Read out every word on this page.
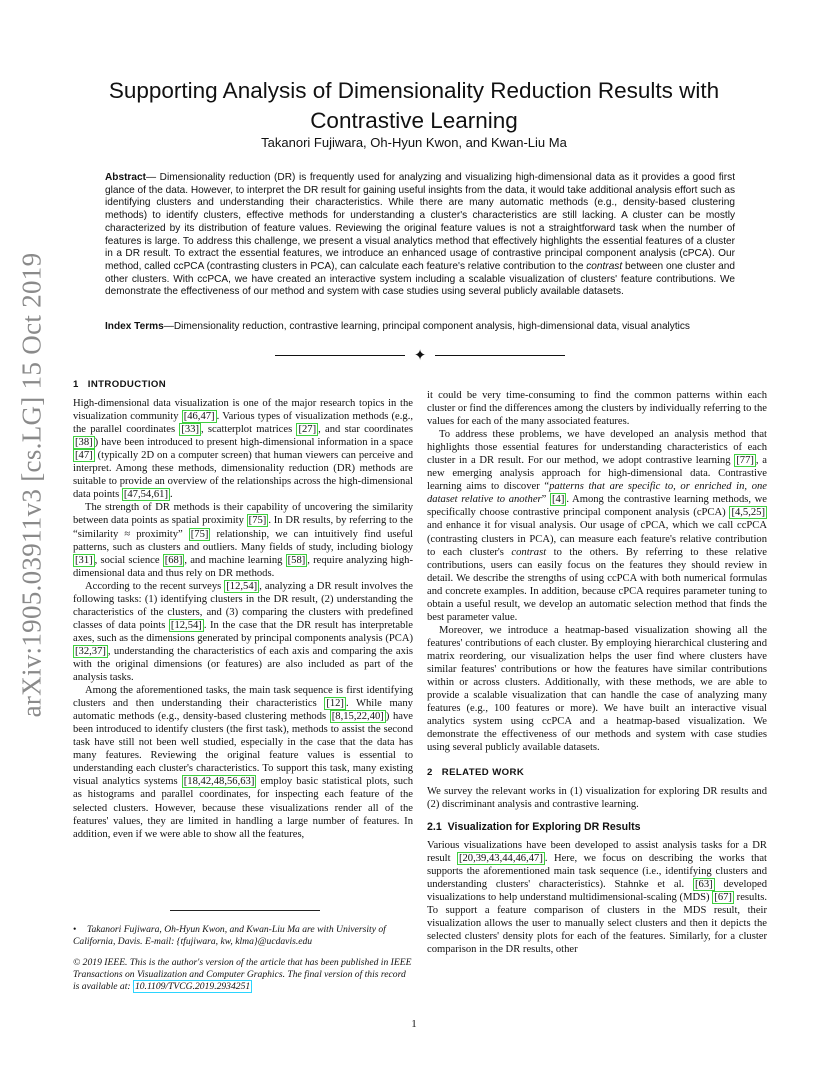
arXiv:1905.03911v3 [cs.LG] 15 Oct 2019
Supporting Analysis of Dimensionality Reduction Results with Contrastive Learning
Takanori Fujiwara, Oh-Hyun Kwon, and Kwan-Liu Ma

Abstract— Dimensionality reduction (DR) is frequently used for analyzing and visualizing high-dimensional data as it provides a good first glance of the data. However, to interpret the DR result for gaining useful insights from the data, it would take additional analysis effort such as identifying clusters and understanding their characteristics. While there are many automatic methods (e.g., density-based clustering methods) to identify clusters, effective methods for understanding a cluster's characteristics are still lacking. A cluster can be mostly characterized by its distribution of feature values. Reviewing the original feature values is not a straightforward task when the number of features is large. To address this challenge, we present a visual analytics method that effectively highlights the essential features of a cluster in a DR result. To extract the essential features, we introduce an enhanced usage of contrastive principal component analysis (cPCA). Our method, called ccPCA (contrasting clusters in PCA), can calculate each feature's relative contribution to the contrast between one cluster and other clusters. With ccPCA, we have created an interactive system including a scalable visualization of clusters' feature contributions. We demonstrate the effectiveness of our method and system with case studies using several publicly available datasets.

Index Terms—Dimensionality reduction, contrastive learning, principal component analysis, high-dimensional data, visual analytics

✦
1 INTRODUCTION

High-dimensional data visualization is one of the major research topics in the visualization community [46,47] . Various types of visualization methods (e.g., the parallel coordinates [33] , scatterplot matrices [27] , and star coordinates [38] ) have been introduced to present high-dimensional information in a space [47] (typically 2D on a computer screen) that human viewers can perceive and interpret. Among these methods, dimensionality reduction (DR) methods are suitable to provide an overview of the relationships across the high-dimensional data points [47,54,61] .

The strength of DR methods is their capability of uncovering the similarity between data points as spatial proximity [75] . In DR results, by referring to the “similarity ≈ proximity” [75] relationship, we can intuitively find useful patterns, such as clusters and outliers. Many fields of study, including biology [31] , social science [68] , and machine learning [58] , require analyzing high-dimensional data and thus rely on DR methods.

According to the recent surveys [12,54] , analyzing a DR result involves the following tasks: (1) identifying clusters in the DR result, (2) understanding the characteristics of the clusters, and (3) comparing the clusters with predefined classes of data points [12,54] . In the case that the DR result has interpretable axes, such as the dimensions generated by principal components analysis (PCA) [32,37] , understanding the characteristics of each axis and comparing the axis with the original dimensions (or features) are also included as part of the analysis tasks.

Among the aforementioned tasks, the main task sequence is first identifying clusters and then understanding their characteristics [12] . While many automatic methods (e.g., density-based clustering methods [8,15,22,40] ) have been introduced to identify clusters (the first task), methods to assist the second task have still not been well studied, especially in the case that the data has many features. Reviewing the original feature values is essential to understanding each cluster's characteristics. To support this task, many existing visual analytics systems [18,42,48,56,63] employ basic statistical plots, such as histograms and parallel coordinates, for inspecting each feature of the selected clusters. However, because these visualizations render all of the features' values, they are limited in handling a large number of features. In addition, even if we were able to show all the features,

it could be very time-consuming to find the common patterns within each cluster or find the differences among the clusters by individually referring to the values for each of the many associated features.

To address these problems, we have developed an analysis method that highlights those essential features for understanding characteristics of each cluster in a DR result. For our method, we adopt contrastive learning [77] , a new emerging analysis approach for high-dimensional data. Contrastive learning aims to discover “patterns that are specific to, or enriched in, one dataset relative to another” [4] . Among the contrastive learning methods, we specifically choose contrastive principal component analysis (cPCA) [4,5,25] and enhance it for visual analysis. Our usage of cPCA, which we call ccPCA (contrasting clusters in PCA), can measure each feature's relative contribution to each cluster's contrast to the others. By referring to these relative contributions, users can easily focus on the features they should review in detail. We describe the strengths of using ccPCA with both numerical formulas and concrete examples. In addition, because cPCA requires parameter tuning to obtain a useful result, we develop an automatic selection method that finds the best parameter value.

Moreover, we introduce a heatmap-based visualization showing all the features' contributions of each cluster. By employing hierarchical clustering and matrix reordering, our visualization helps the user find where clusters have similar features' contributions or how the features have similar contributions within or across clusters. Additionally, with these methods, we are able to provide a scalable visualization that can handle the case of analyzing many features (e.g., 100 features or more). We have built an interactive visual analytics system using ccPCA and a heatmap-based visualization. We demonstrate the effectiveness of our methods and system with case studies using several publicly available datasets.

2 RELATED WORK

We survey the relevant works in (1) visualization for exploring DR results and (2) discriminant analysis and contrastive learning.

2.1 Visualization for Exploring DR Results

Various visualizations have been developed to assist analysis tasks for a DR result [20,39,43,44,46,47] . Here, we focus on describing the works that supports the aforementioned main task sequence (i.e., identifying clusters and understanding clusters' characteristics). Stahnke et al. [63] developed visualizations to help understand multidimensional-scaling (MDS) [67] results. To support a feature comparison of clusters in the MDS result, their visualization allows the user to manually select clusters and then it depicts the selected clusters' density plots for each of the features. Similarly, for a cluster comparison in the DR results, other

• Takanori Fujiwara, Oh-Hyun Kwon, and Kwan-Liu Ma are with University of California, Davis. E-mail: {tfujiwara, kw, klma}@ucdavis.edu

© 2019 IEEE. This is the author's version of the article that has been published in IEEE Transactions on Visualization and Computer Graphics. The final version of this record is available at: 10.1109/TVCG.2019.2934251

1
